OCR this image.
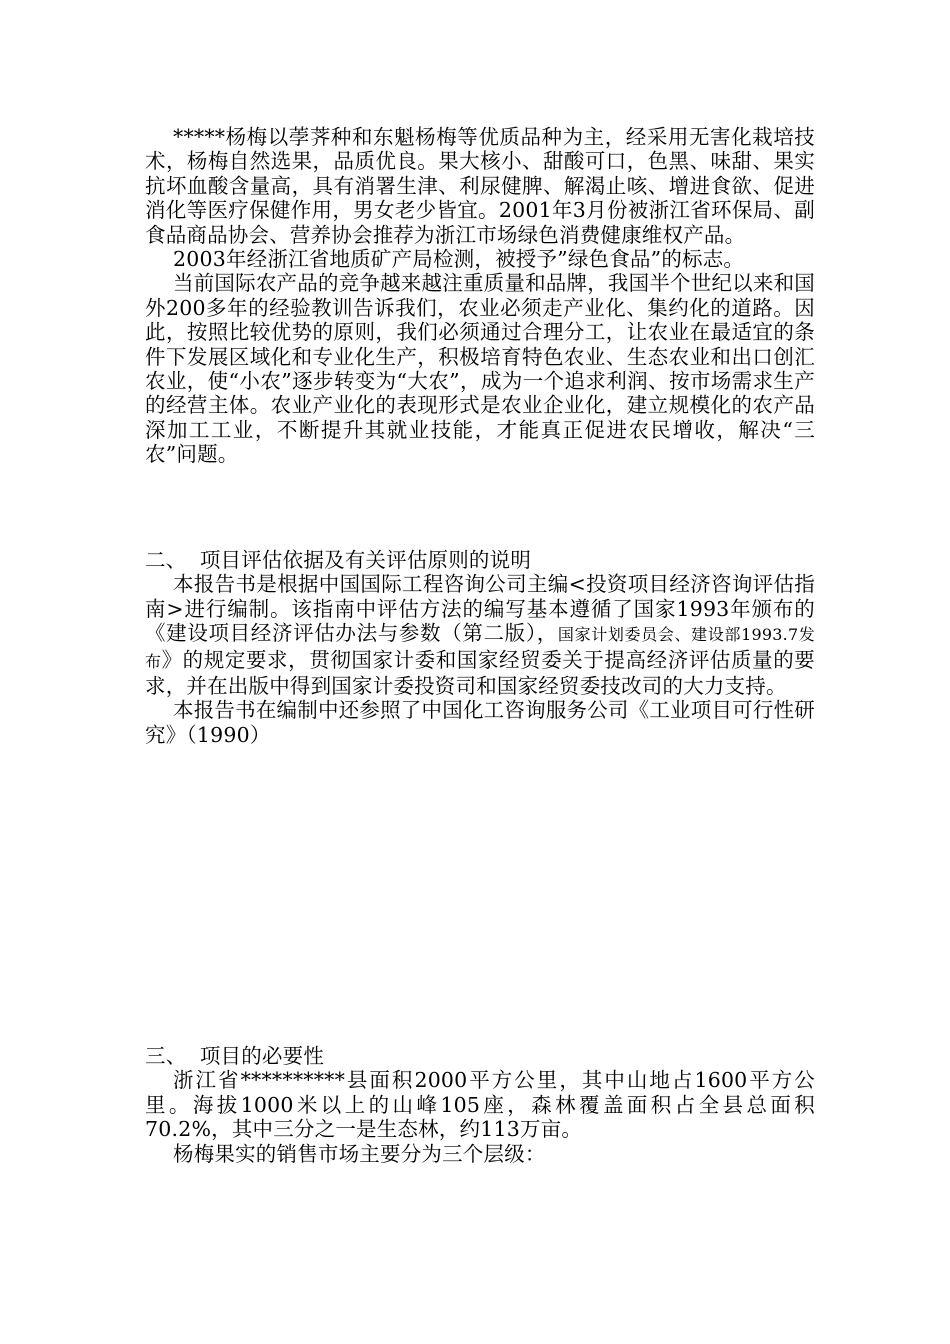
*****杨梅以荸荠种和东魁杨梅等优质品种为主，经采用无害化栽培技术，杨梅自然选果，品质优良。果大核小、甜酸可口，色黑、味甜、果实抗坏血酸含量高，具有消署生津、利尿健脾、解渴止咳、增进食欲、促进消化等医疗保健作用，男女老少皆宜。2001年3月份被浙江省环保局、副食品商品协会、营养协会推荐为浙江市场绿色消费健康维权产品。

2003年经浙江省地质矿产局检测，被授予”绿色食品”的标志。

当前国际农产品的竞争越来越注重质量和品牌，我国半个世纪以来和国外200多年的经验教训告诉我们，农业必须走产业化、集约化的道路。因此，按照比较优势的原则，我们必须通过合理分工，让农业在最适宜的条件下发展区域化和专业化生产，积极培育特色农业、生态农业和出口创汇农业，使“小农”逐步转变为“大农”，成为一个追求利润、按市场需求生产的经营主体。农业产业化的表现形式是农业企业化，建立规模化的农产品深加工工业，不断提升其就业技能，才能真正促进农民增收，解决“三农”问题。

二、  项目评估依据及有关评估原则的说明

本报告书是根据中国国际工程咨询公司主编<投资项目经济咨询评估指南>进行编制。该指南中评估方法的编写基本遵循了国家1993年颁布的《建设项目经济评估办法与参数（第二版），国家计划委员会、建设部1993.7发布》的规定要求，贯彻国家计委和国家经贸委关于提高经济评估质量的要求，并在出版中得到国家计委投资司和国家经贸委技改司的大力支持。

本报告书在编制中还参照了中国化工咨询服务公司《工业项目可行性研究》（1990）

三、  项目的必要性

浙江省**********县面积2000平方公里，其中山地占1600平方公里。海拔1000米以上的山峰105座，森林覆盖面积占全县总面积70.2%，其中三分之一是生态林，约113万亩。

杨梅果实的销售市场主要分为三个层级：
